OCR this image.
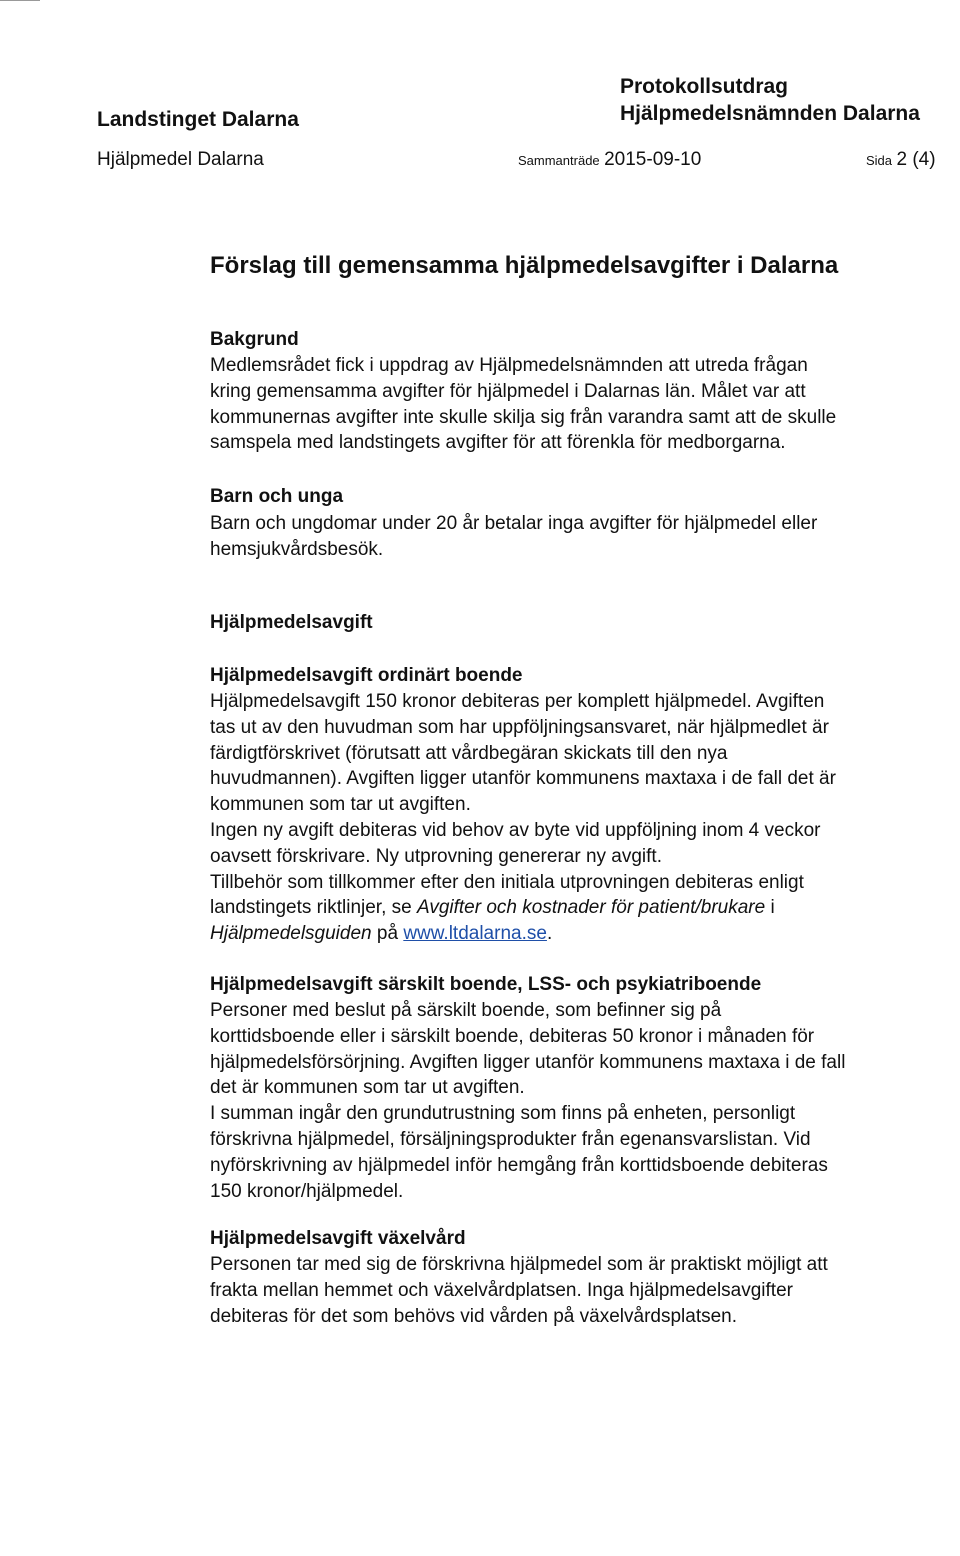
Landstinget Dalarna
Protokollsutdrag
Hjälpmedelsnämnden Dalarna
Hjälpmedel Dalarna	Sammanträde 2015-09-10	Sida 2 (4)
Förslag till gemensamma hjälpmedelsavgifter i Dalarna
Bakgrund
Medlemsrådet fick i uppdrag av Hjälpmedelsnämnden att utreda frågan
kring gemensamma avgifter för hjälpmedel i Dalarnas län. Målet var att
kommunernas avgifter inte skulle skilja sig från varandra samt att de skulle
samspela med landstingets avgifter för att förenkla för medborgarna.
Barn och unga
Barn och ungdomar under 20 år betalar inga avgifter för hjälpmedel eller
hemsjukvårdsbesök.
Hjälpmedelsavgift
Hjälpmedelsavgift ordinärt boende
Hjälpmedelsavgift 150 kronor debiteras per komplett hjälpmedel. Avgiften
tas ut av den huvudman som har uppföljningsansvaret, när hjälpmedlet är
färdigtförskrivet (förutsatt att vårdbegäran skickats till den nya
huvudmannen). Avgiften ligger utanför kommunens maxtaxa i de fall det är
kommunen som tar ut avgiften.
Ingen ny avgift debiteras vid behov av byte vid uppföljning inom 4 veckor
oavsett förskrivare. Ny utprovning genererar ny avgift.
Tillbehör som tillkommer efter den initiala utprovningen debiteras enligt
landstingets riktlinjer, se Avgifter och kostnader för patient/brukare i
Hjälpmedelsguiden på www.ltdalarna.se.
Hjälpmedelsavgift särskilt boende, LSS- och psykiatriboende
Personer med beslut på särskilt boende, som befinner sig på
korttidsboende eller i särskilt boende, debiteras 50 kronor i månaden för
hjälpmedelsförsörjning. Avgiften ligger utanför kommunens maxtaxa i de fall
det är kommunen som tar ut avgiften.
I summan ingår den grundutrustning som finns på enheten, personligt
förskrivna hjälpmedel, försäljningsprodukter från egenansvarslistan. Vid
nyförskrivning av hjälpmedel inför hemgång från korttidsboende debiteras
150 kronor/hjälpmedel.
Hjälpmedelsavgift växelvård
Personen tar med sig de förskrivna hjälpmedel som är praktiskt möjligt att
frakta mellan hemmet och växelvårdplatsen. Inga hjälpmedelsavgifter
debiteras för det som behövs vid vården på växelvårdsplatsen.
